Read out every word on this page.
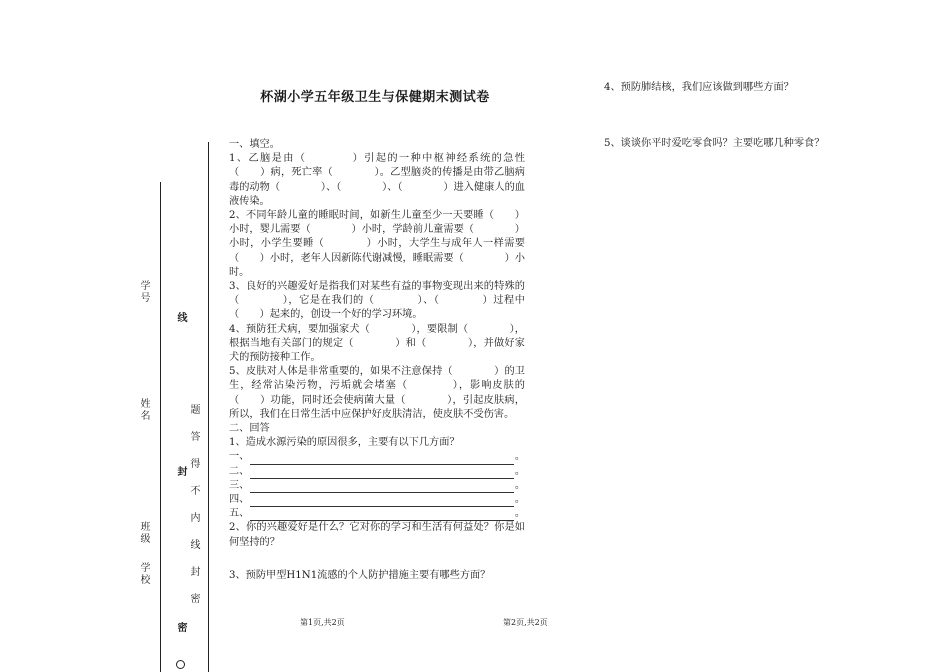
学号
线
姓名
封
班级
学校
密
题
答
得
不
内
线
封
密
杯湖小学五年级卫生与保健期末测试卷

一、填空。

1、乙脑是由（　　　　）引起的一种中枢神经系统的急性（　　）病，死亡率（　　　　）。乙型脑炎的传播是由带乙脑病毒的动物（　　　　）、（　　　　）、（　　　　）进入健康人的血液传染。

2、不同年龄儿童的睡眠时间，如新生儿童至少一天要睡（　　）小时，婴儿需要（　　　　）小时，学龄前儿童需要（　　　　）小时，小学生要睡（　　　　）小时，大学生与成年人一样需要（　　）小时，老年人因新陈代谢减慢，睡眠需要（　　　　）小时。

3、良好的兴趣爱好是指我们对某些有益的事物变现出来的特殊的（　　　　），它是在我们的（　　　　）、（　　　　）过程中（　　）起来的，创设一个好的学习环境。

4、预防狂犬病，要加强家犬（　　　　），要限制（　　　　），根据当地有关部门的规定（　　　　）和（　　　　），并做好家犬的预防接种工作。

5、皮肤对人体是非常重要的，如果不注意保持（　　　　）的卫生，经常沾染污物，污垢就会堵塞（　　　　），影响皮肤的（　　）功能，同时还会使病菌大量（　　　　），引起皮肤病，所以，我们在日常生活中应保护好皮肤清洁，使皮肤不受伤害。

二、回答

1、造成水源污染的原因很多，主要有以下几方面？

一、	。
二、	。
三、	。
四、	。
五、	。

2、你的兴趣爱好是什么？它对你的学习和生活有何益处？你是如何坚持的？

3、预防甲型H1N1流感的个人防护措施主要有哪些方面？

4、预防肺结核，我们应该做到哪些方面？
5、谈谈你平时爱吃零食吗？主要吃哪几种零食？
第1页,共2页	第2页,共2页
